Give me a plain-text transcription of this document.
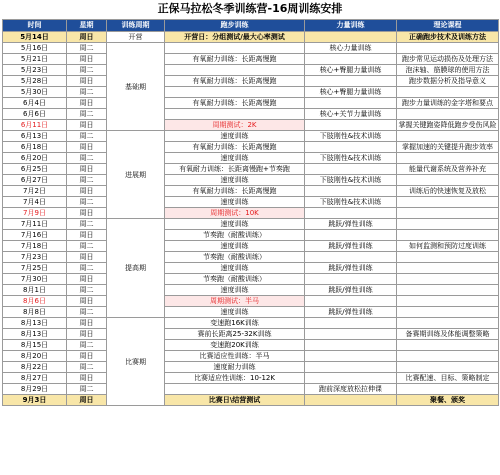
正保马拉松冬季训练营-16周训练安排
时间	星期	训练周期	跑步训练	力量训练	理论课程
5月14日	周日	开营	开营日：分组测试/最大心率测试		正确跑步技术及训练方法
5月16日	周二	基础期		核心力量训练	
5月21日	周日		有氧耐力训练：长距离慢跑		跑步常见运动损伤及处理方法
5月23日	周二			核心+臀腿力量训练	泡沫轴、筋膜球的使用方法
5月28日	周日		有氧耐力训练：长距离慢跑		跑步数据分析及指导意义
5月30日	周二			核心+臀腿力量训练	
6月4日	周日		有氧耐力训练：长距离慢跑		跑步力量训练的金字塔和要点
6月6日	周二			核心+关节力量训练	
6月11日	周日		周期测试：2K		掌握关键跑姿降低跑步受伤风险
6月13日	周二	进展期	速度训练	下肢刚性&技术训练	
6月18日	周日		有氧耐力训练：长距离慢跑		掌握加速的关键提升跑步效率
6月20日	周二		速度训练	下肢刚性&技术训练	
6月25日	周日		有氧耐力训练：长距离慢跑+节奏跑		能量代谢系统及营养补充
6月27日	周二		速度训练	下肢刚性&技术训练	
7月2日	周日		有氧耐力训练：长距离慢跑		训练后的快速恢复及放松
7月4日	周二		速度训练	下肢刚性&技术训练	
7月9日	周日		周期测试：10K		
7月11日	周二	提高期	速度训练	跳跃/弹性训练	
7月16日	周日		节奏跑（耐酸训练）		
7月18日	周二		速度训练	跳跃/弹性训练	如何监测和预防过度训练
7月23日	周日		节奏跑（耐酸训练）		
7月25日	周二		速度训练	跳跃/弹性训练	
7月30日	周日		节奏跑（耐酸训练）		
8月1日	周二		速度训练	跳跃/弹性训练	
8月6日	周日		周期测试：半马		
8月8日	周二		速度训练	跳跃/弹性训练	
8月13日	周日	比赛期	变速跑16K训练		
8月13日	周日		赛前长距离25-32K训练		备赛期训练及体能调整策略
8月15日	周二		变速跑20K训练		
8月20日	周日		比赛适应性训练：半马		
8月22日	周二		速度耐力训练		
8月27日	周日		比赛适应性训练：10-12K		比赛配速、目标、策略制定
8月29日	周二			跑前深度放松拉伸课	
9月3日	周日		比赛日\结营测试		聚餐、颁奖
